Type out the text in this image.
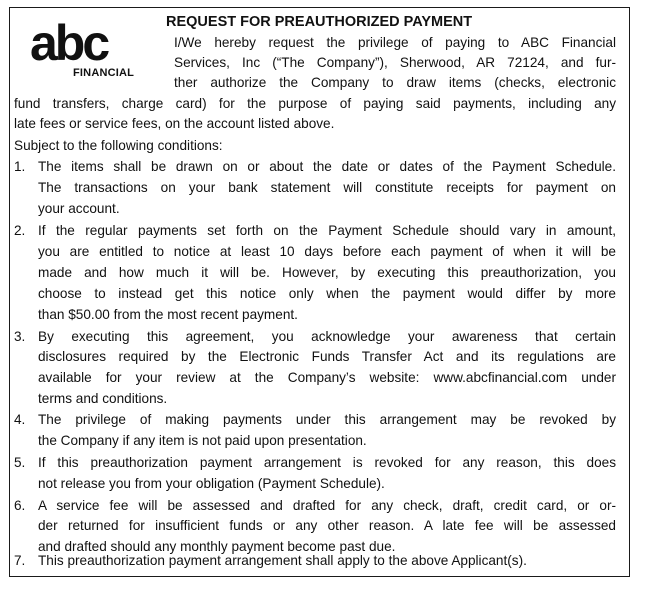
abc
FINANCIAL
REQUEST FOR PREAUTHORIZED PAYMENT
I/We hereby request the privilege of paying to ABC Financial
Services, Inc (“The Company”), Sherwood, AR 72124, and fur-
ther authorize the Company to draw items (checks, electronic
fund transfers, charge card) for the purpose of paying said payments, including any
late fees or service fees, on the account listed above.
Subject to the following conditions:
1. The items shall be drawn on or about the date or dates of the Payment Schedule.
The transactions on your bank statement will constitute receipts for payment on
your account.
2. If the regular payments set forth on the Payment Schedule should vary in amount,
you are entitled to notice at least 10 days before each payment of when it will be
made and how much it will be. However, by executing this preauthorization, you
choose to instead get this notice only when the payment would differ by more
than $50.00 from the most recent payment.
3. By executing this agreement, you acknowledge your awareness that certain
disclosures required by the Electronic Funds Transfer Act and its regulations are
available for your review at the Company’s website: www.abcfinancial.com under
terms and conditions.
4. The privilege of making payments under this arrangement may be revoked by
the Company if any item is not paid upon presentation.
5. If this preauthorization payment arrangement is revoked for any reason, this does
not release you from your obligation (Payment Schedule).
6. A service fee will be assessed and drafted for any check, draft, credit card, or or-
der returned for insufficient funds or any other reason. A late fee will be assessed
and drafted should any monthly payment become past due.
7. This preauthorization payment arrangement shall apply to the above Applicant(s).
